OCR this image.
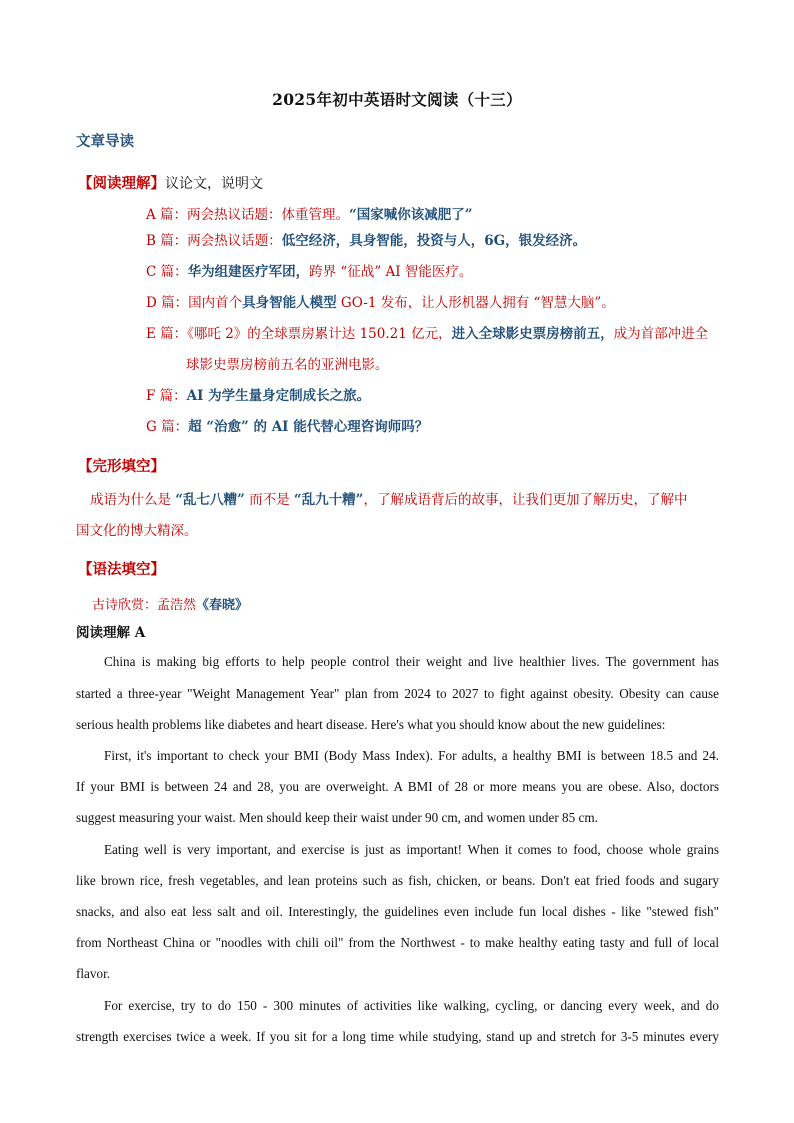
2025年初中英语时文阅读（十三）
文章导读
【阅读理解】议论文，说明文
A 篇：两会热议话题：体重管理。“国家喊你该减肥了”
B 篇：两会热议话题：低空经济，具身智能，投资与人，6G，银发经济。
C 篇：华为组建医疗军团，跨界 “征战” AI 智能医疗。
D 篇：国内首个具身智能人模型 GO-1 发布，让人形机器人拥有 “智慧大脑”。
E 篇：《哪吒 2》的全球票房累计达 150.21 亿元，进入全球影史票房榜前五，成为首部冲进全
F 篇：AI 为学生量身定制成长之旅。
G 篇：超 “治愈” 的 AI 能代替心理咨询师吗？
球影史票房榜前五名的亚洲电影。
【完形填空】
成语为什么是 “乱七八糟” 而不是 “乱九十糟”，了解成语背后的故事，让我们更加了解历史，了解中
国文化的博大精深。
【语法填空】
古诗欣赏：孟浩然《春晓》
阅读理解 A
China is making big efforts to help people control their weight and live healthier lives. The government has
started a three-year "Weight Management Year" plan from 2024 to 2027 to fight against obesity. Obesity can cause
serious health problems like diabetes and heart disease. Here's what you should know about the new guidelines:
First, it's important to check your BMI (Body Mass Index). For adults, a healthy BMI is between 18.5 and 24.
If your BMI is between 24 and 28, you are overweight. A BMI of 28 or more means you are obese. Also, doctors
suggest measuring your waist. Men should keep their waist under 90 cm, and women under 85 cm.
Eating well is very important, and exercise is just as important! When it comes to food, choose whole grains
like brown rice, fresh vegetables, and lean proteins such as fish, chicken, or beans. Don't eat fried foods and sugary
snacks, and also eat less salt and oil. Interestingly, the guidelines even include fun local dishes - like "stewed fish"
from Northeast China or "noodles with chili oil" from the Northwest - to make healthy eating tasty and full of local
flavor.
For exercise, try to do 150 - 300 minutes of activities like walking, cycling, or dancing every week, and do
strength exercises twice a week. If you sit for a long time while studying, stand up and stretch for 3-5 minutes every
